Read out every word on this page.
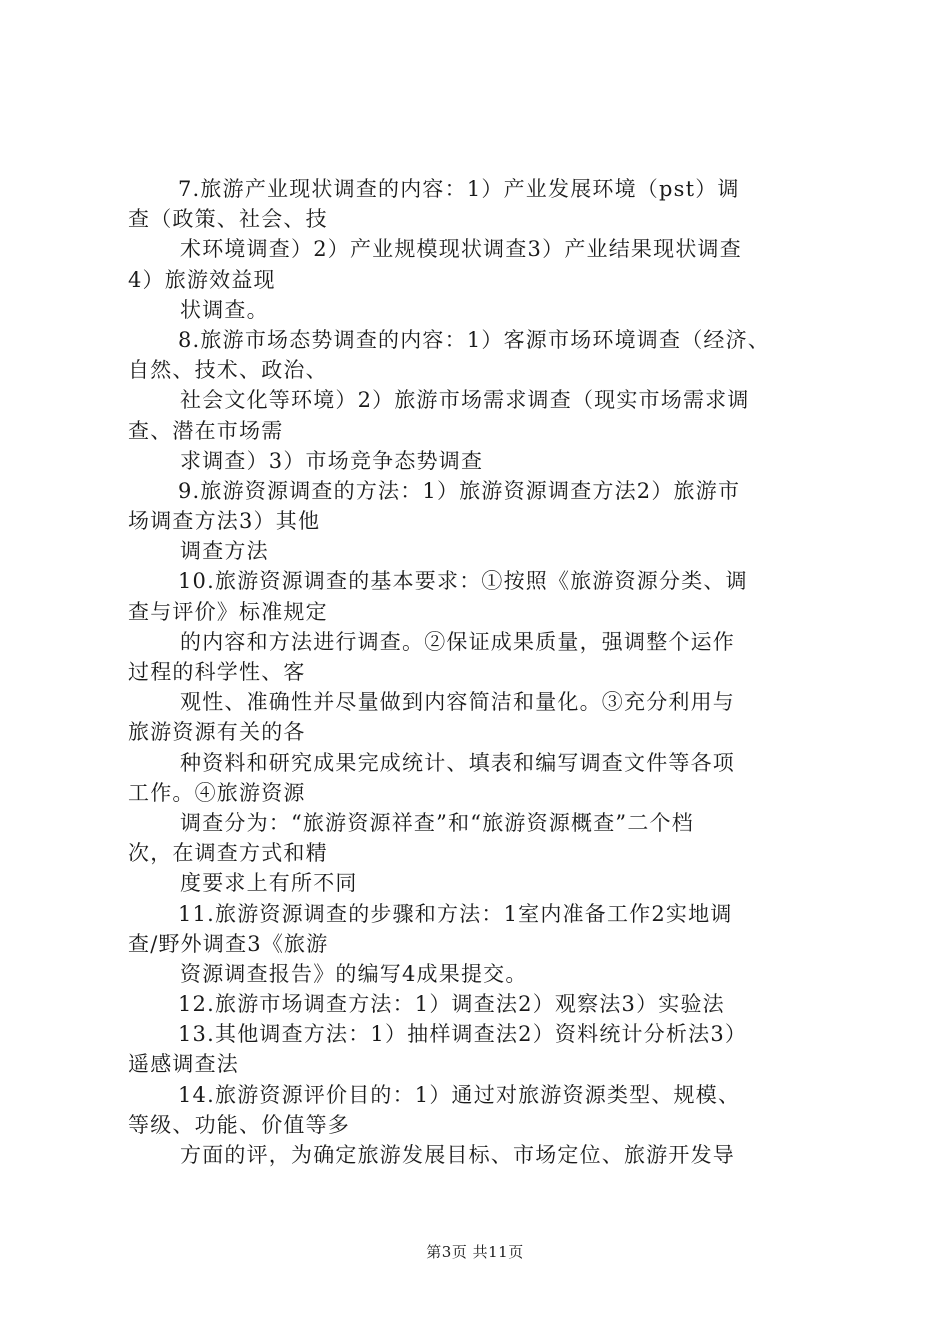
7.旅游产业现状调查的内容：1）产业发展环境（pst）调
查（政策、社会、技
术环境调查）2）产业规模现状调查3）产业结果现状调查
4）旅游效益现
状调查。
8.旅游市场态势调查的内容：1）客源市场环境调查（经济、
自然、技术、政治、
社会文化等环境）2）旅游市场需求调查（现实市场需求调
查、潜在市场需
求调查）3）市场竞争态势调查
9.旅游资源调查的方法：1）旅游资源调查方法2）旅游市
场调查方法3）其他
调查方法
10.旅游资源调查的基本要求：①按照《旅游资源分类、调
查与评价》标准规定
的内容和方法进行调查。②保证成果质量，强调整个运作
过程的科学性、客
观性、准确性并尽量做到内容简洁和量化。③充分利用与
旅游资源有关的各
种资料和研究成果完成统计、填表和编写调查文件等各项
工作。④旅游资源
调查分为：“旅游资源祥查”和“旅游资源概查”二个档
次，在调查方式和精
度要求上有所不同
11.旅游资源调查的步骤和方法：1室内准备工作2实地调
查/野外调查3《旅游
资源调查报告》的编写4成果提交。
12.旅游市场调查方法：1）调查法2）观察法3）实验法
13.其他调查方法：1）抽样调查法2）资料统计分析法3）
遥感调查法
14.旅游资源评价目的：1）通过对旅游资源类型、规模、
等级、功能、价值等多
方面的评，为确定旅游发展目标、市场定位、旅游开发导
第3页 共11页
